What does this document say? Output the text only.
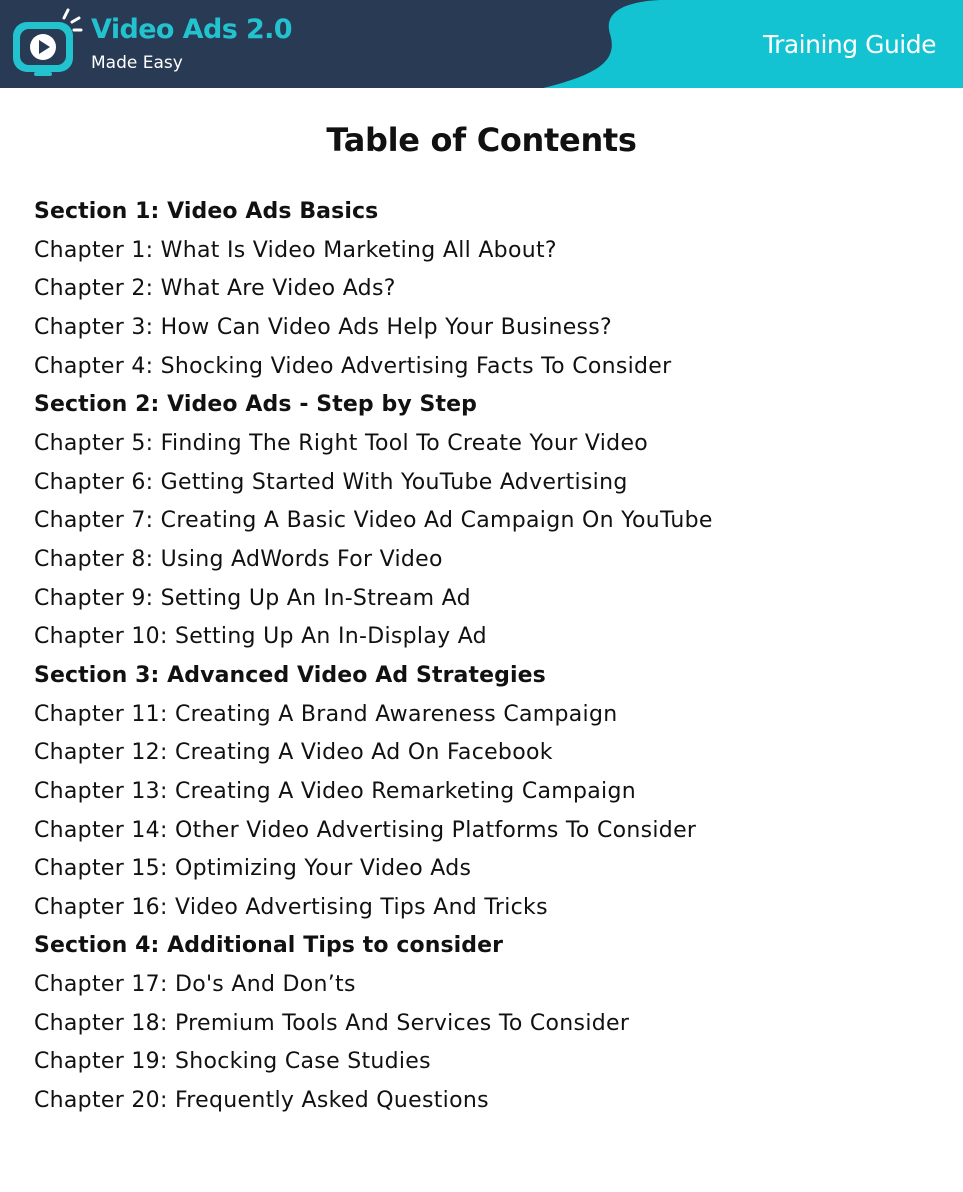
Video Ads 2.0
Made Easy
Training Guide
Table of Contents
Section 1: Video Ads Basics
Chapter 1: What Is Video Marketing All About?
Chapter 2: What Are Video Ads?
Chapter 3: How Can Video Ads Help Your Business?
Chapter 4: Shocking Video Advertising Facts To Consider
Section 2: Video Ads - Step by Step
Chapter 5: Finding The Right Tool To Create Your Video
Chapter 6: Getting Started With YouTube Advertising
Chapter 7: Creating A Basic Video Ad Campaign On YouTube
Chapter 8: Using AdWords For Video
Chapter 9: Setting Up An In-Stream Ad
Chapter 10: Setting Up An In-Display Ad
Section 3: Advanced Video Ad Strategies
Chapter 11: Creating A Brand Awareness Campaign
Chapter 12: Creating A Video Ad On Facebook
Chapter 13: Creating A Video Remarketing Campaign
Chapter 14: Other Video Advertising Platforms To Consider
Chapter 15: Optimizing Your Video Ads
Chapter 16: Video Advertising Tips And Tricks
Section 4: Additional Tips to consider
Chapter 17: Do's And Don’ts
Chapter 18: Premium Tools And Services To Consider
Chapter 19: Shocking Case Studies
Chapter 20: Frequently Asked Questions
